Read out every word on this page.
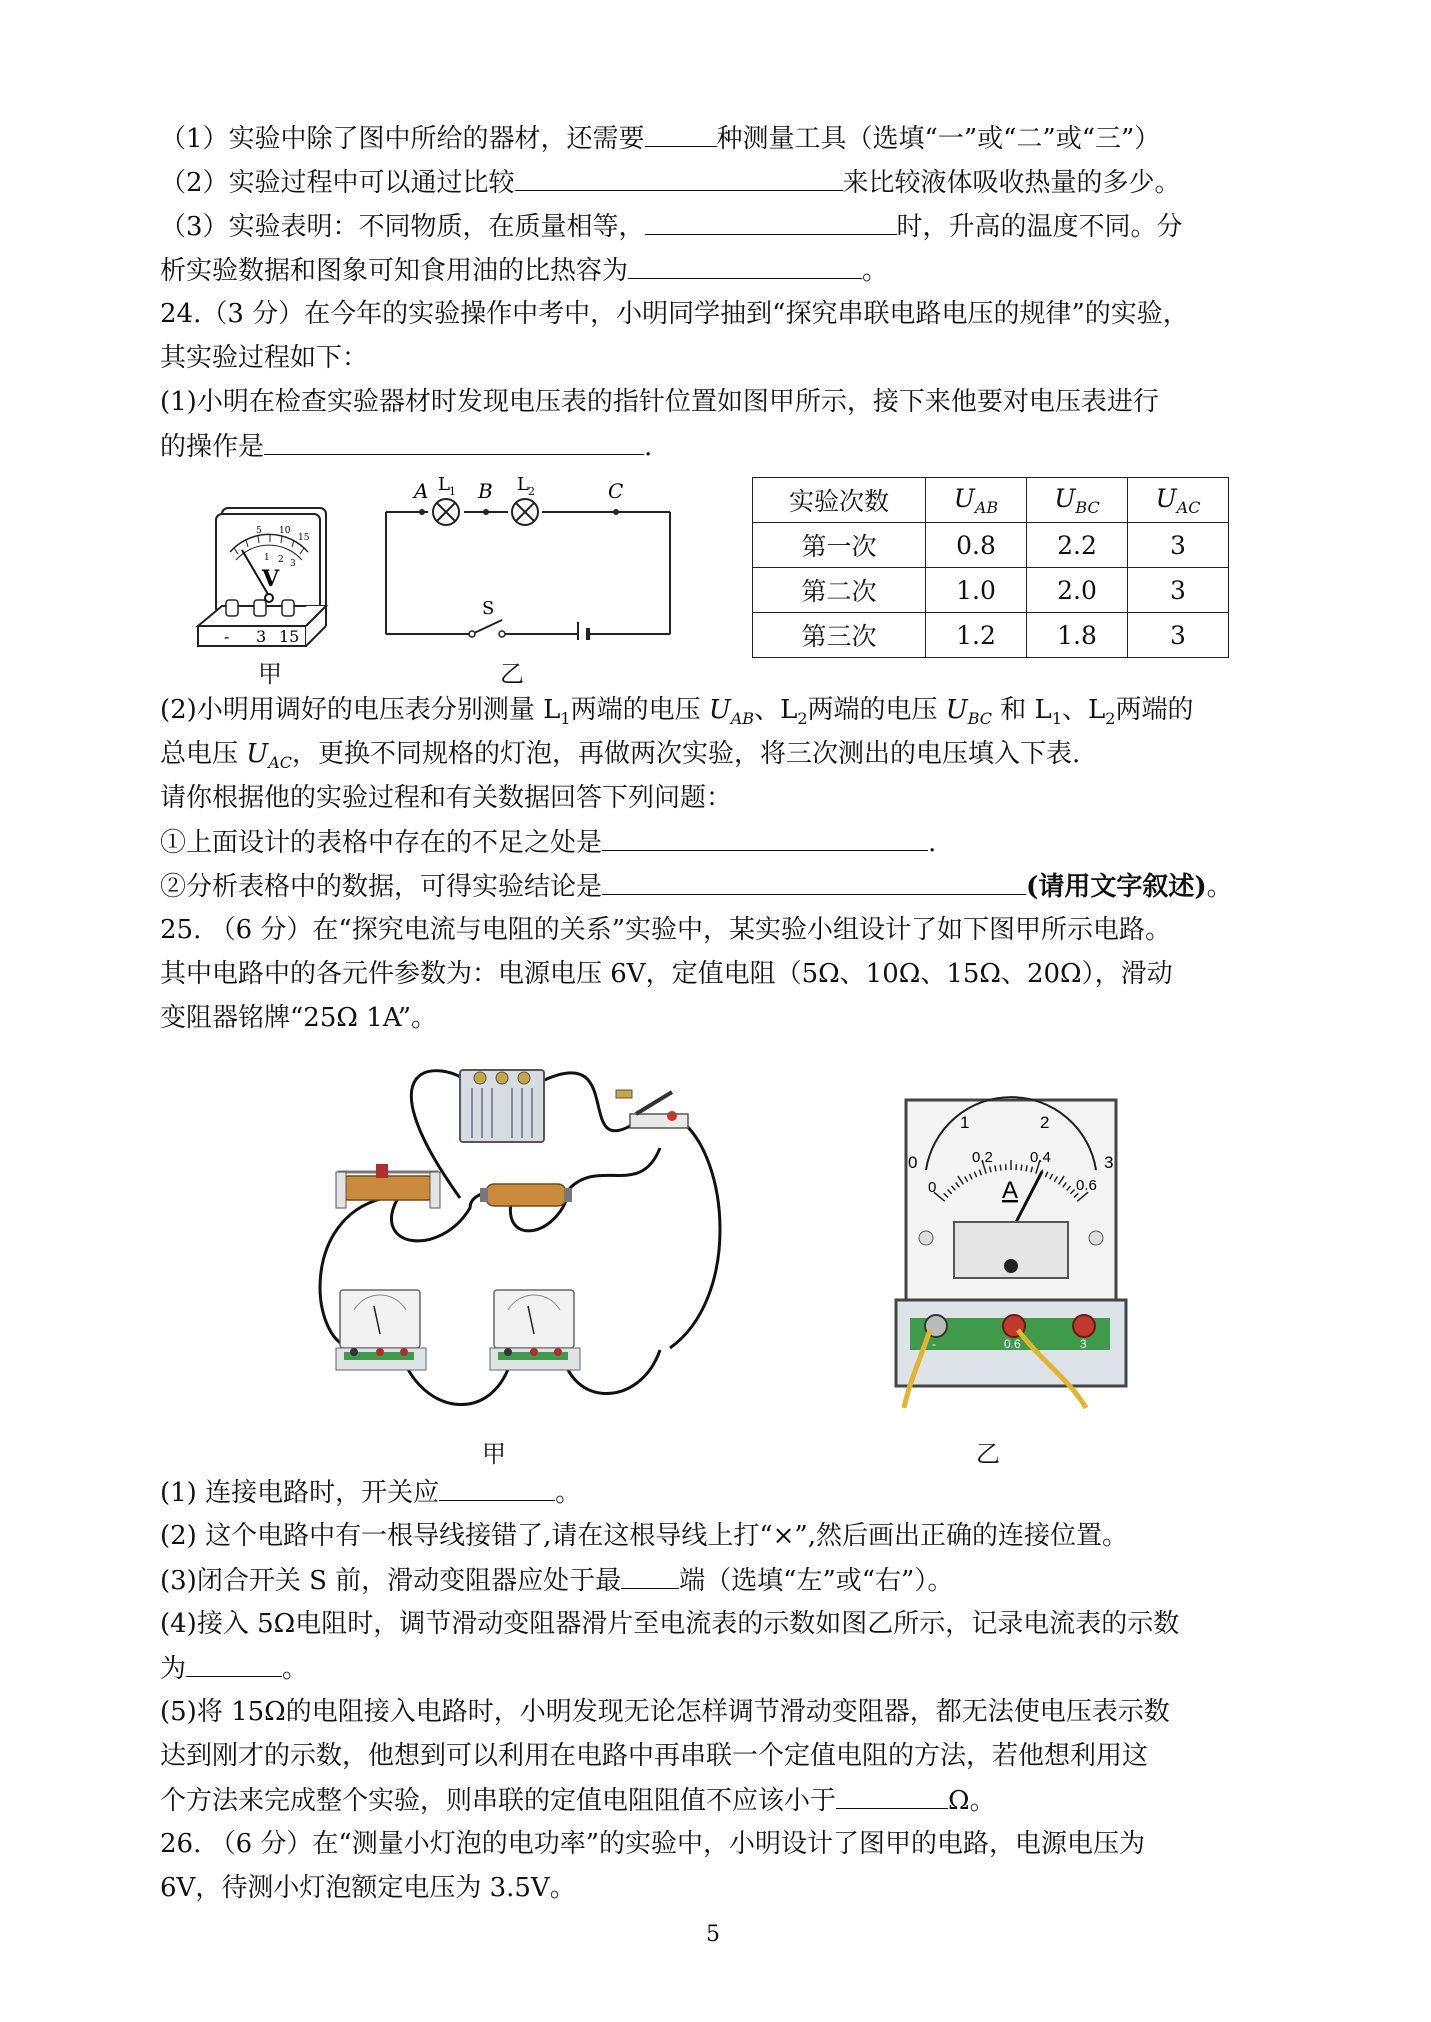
（1）实验中除了图中所给的器材，还需要	种测量工具（选填“一”或“二”或“三”）
（2）实验过程中可以通过比较	来比较液体吸收热量的多少。
（3）实验表明：不同物质，在质量相等，	时，升高的温度不同。分
析实验数据和图象可知食用油的比热容为	。
24.（3 分）在今年的实验操作中考中，小明同学抽到“探究串联电路电压的规律”的实验，
其实验过程如下：
(1)小明在检查实验器材时发现电压表的指针位置如图甲所示，接下来他要对电压表进行
的操作是	.
5 10
15
1 2 3
V
- 3 15
甲
A B	C
L 1	L 2
S
乙
实验次数	$U_{AB}$	$U_{BC}$	$U_{AC}$
第一次	0.8	2.2	3
第二次	1.0	2.0	3
第三次	1.2	1.8	3
(2)小明用调好的电压表分别测量 $L_1$两端的电压 $U_{AB}$、$L_2$两端的电压 $U_{BC}$ 和 $L_1$、$L_2$两端的
总电压 $U_{AC}$，更换不同规格的灯泡，再做两次实验，将三次测出的电压填入下表.
请你根据他的实验过程和有关数据回答下列问题：
①上面设计的表格中存在的不足之处是	.
②分析表格中的数据，可得实验结论是	(请用文字叙述)。
25. （6 分）在“探究电流与电阻的关系”实验中，某实验小组设计了如下图甲所示电路。
其中电路中的各元件参数为：电源电压 6V，定值电阻（5Ω、10Ω、15Ω、20Ω），滑动
变阻器铭牌“25Ω 1A”。
甲
0
1	2
3
0
0.2 0.4
0.6
A
-	0.6	3
乙
(1) 连接电路时，开关应	。
(2) 这个电路中有一根导线接错了,请在这根导线上打“×”,然后画出正确的连接位置。
(3)闭合开关 S 前，滑动变阻器应处于最 端（选填“左”或“右”）。
(4)接入 5Ω电阻时，调节滑动变阻器滑片至电流表的示数如图乙所示，记录电流表的示数
为	。
(5)将 15Ω的电阻接入电路时，小明发现无论怎样调节滑动变阻器，都无法使电压表示数
达到刚才的示数，他想到可以利用在电路中再串联一个定值电阻的方法，若他想利用这
个方法来完成整个实验，则串联的定值电阻阻值不应该小于	Ω。
26. （6 分）在“测量小灯泡的电功率”的实验中，小明设计了图甲的电路，电源电压为
6V，待测小灯泡额定电压为 3.5V。
5
